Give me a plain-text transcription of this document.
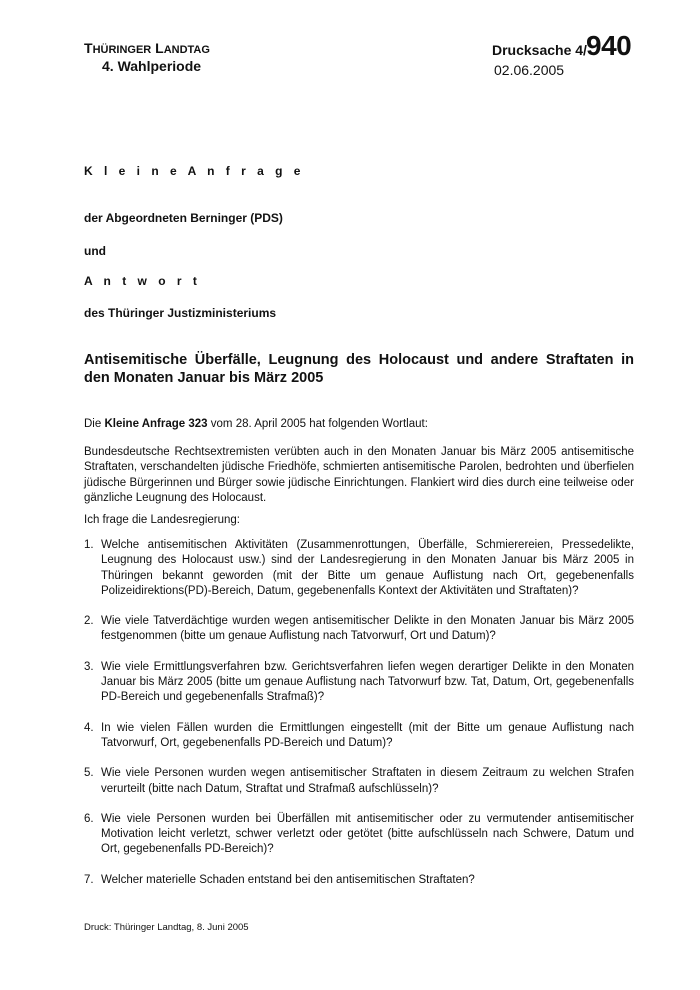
THÜRINGER LANDTAG
4. Wahlperiode
Drucksache 4/ 940
02.06.2005
K l e i n e A n f r a g e
der Abgeordneten Berninger (PDS)
und
A n t w o r t
des Thüringer Justizministeriums
Antisemitische Überfälle, Leugnung des Holocaust und andere Straftaten in den Monaten Januar bis März 2005
Die Kleine Anfrage 323 vom 28. April 2005 hat folgenden Wortlaut:
Bundesdeutsche Rechtsextremisten verübten auch in den Monaten Januar bis März 2005 antisemitische Straftaten, verschandelten jüdische Friedhöfe, schmierten antisemitische Parolen, bedrohten und überfielen jüdische Bürgerinnen und Bürger sowie jüdische Einrichtungen. Flankiert wird dies durch eine teilweise oder gänzliche Leugnung des Holocaust.
Ich frage die Landesregierung:
1. Welche antisemitischen Aktivitäten (Zusammenrottungen, Überfälle, Schmierereien, Pressedelikte, Leugnung des Holocaust usw.) sind der Landesregierung in den Monaten Januar bis März 2005 in Thüringen bekannt geworden (mit der Bitte um genaue Auflistung nach Ort, gegebenenfalls Polizeidirektions(PD)-Bereich, Datum, gegebenenfalls Kontext der Aktivitäten und Straftaten)?
2. Wie viele Tatverdächtige wurden wegen antisemitischer Delikte in den Monaten Januar bis März 2005 festgenommen (bitte um genaue Auflistung nach Tatvorwurf, Ort und Datum)?
3. Wie viele Ermittlungsverfahren bzw. Gerichtsverfahren liefen wegen derartiger Delikte in den Monaten Januar bis März 2005 (bitte um genaue Auflistung nach Tatvorwurf bzw. Tat, Datum, Ort, gegebenenfalls PD-Bereich und gegebenenfalls Strafmaß)?
4. In wie vielen Fällen wurden die Ermittlungen eingestellt (mit der Bitte um genaue Auflistung nach Tatvorwurf, Ort, gegebenenfalls PD-Bereich und Datum)?
5. Wie viele Personen wurden wegen antisemitischer Straftaten in diesem Zeitraum zu welchen Strafen verurteilt (bitte nach Datum, Straftat und Strafmaß aufschlüsseln)?
6. Wie viele Personen wurden bei Überfällen mit antisemitischer oder zu vermutender antisemitischer Motivation leicht verletzt, schwer verletzt oder getötet (bitte aufschlüsseln nach Schwere, Datum und Ort, gegebenenfalls PD-Bereich)?
7. Welcher materielle Schaden entstand bei den antisemitischen Straftaten?
Druck: Thüringer Landtag, 8. Juni 2005
